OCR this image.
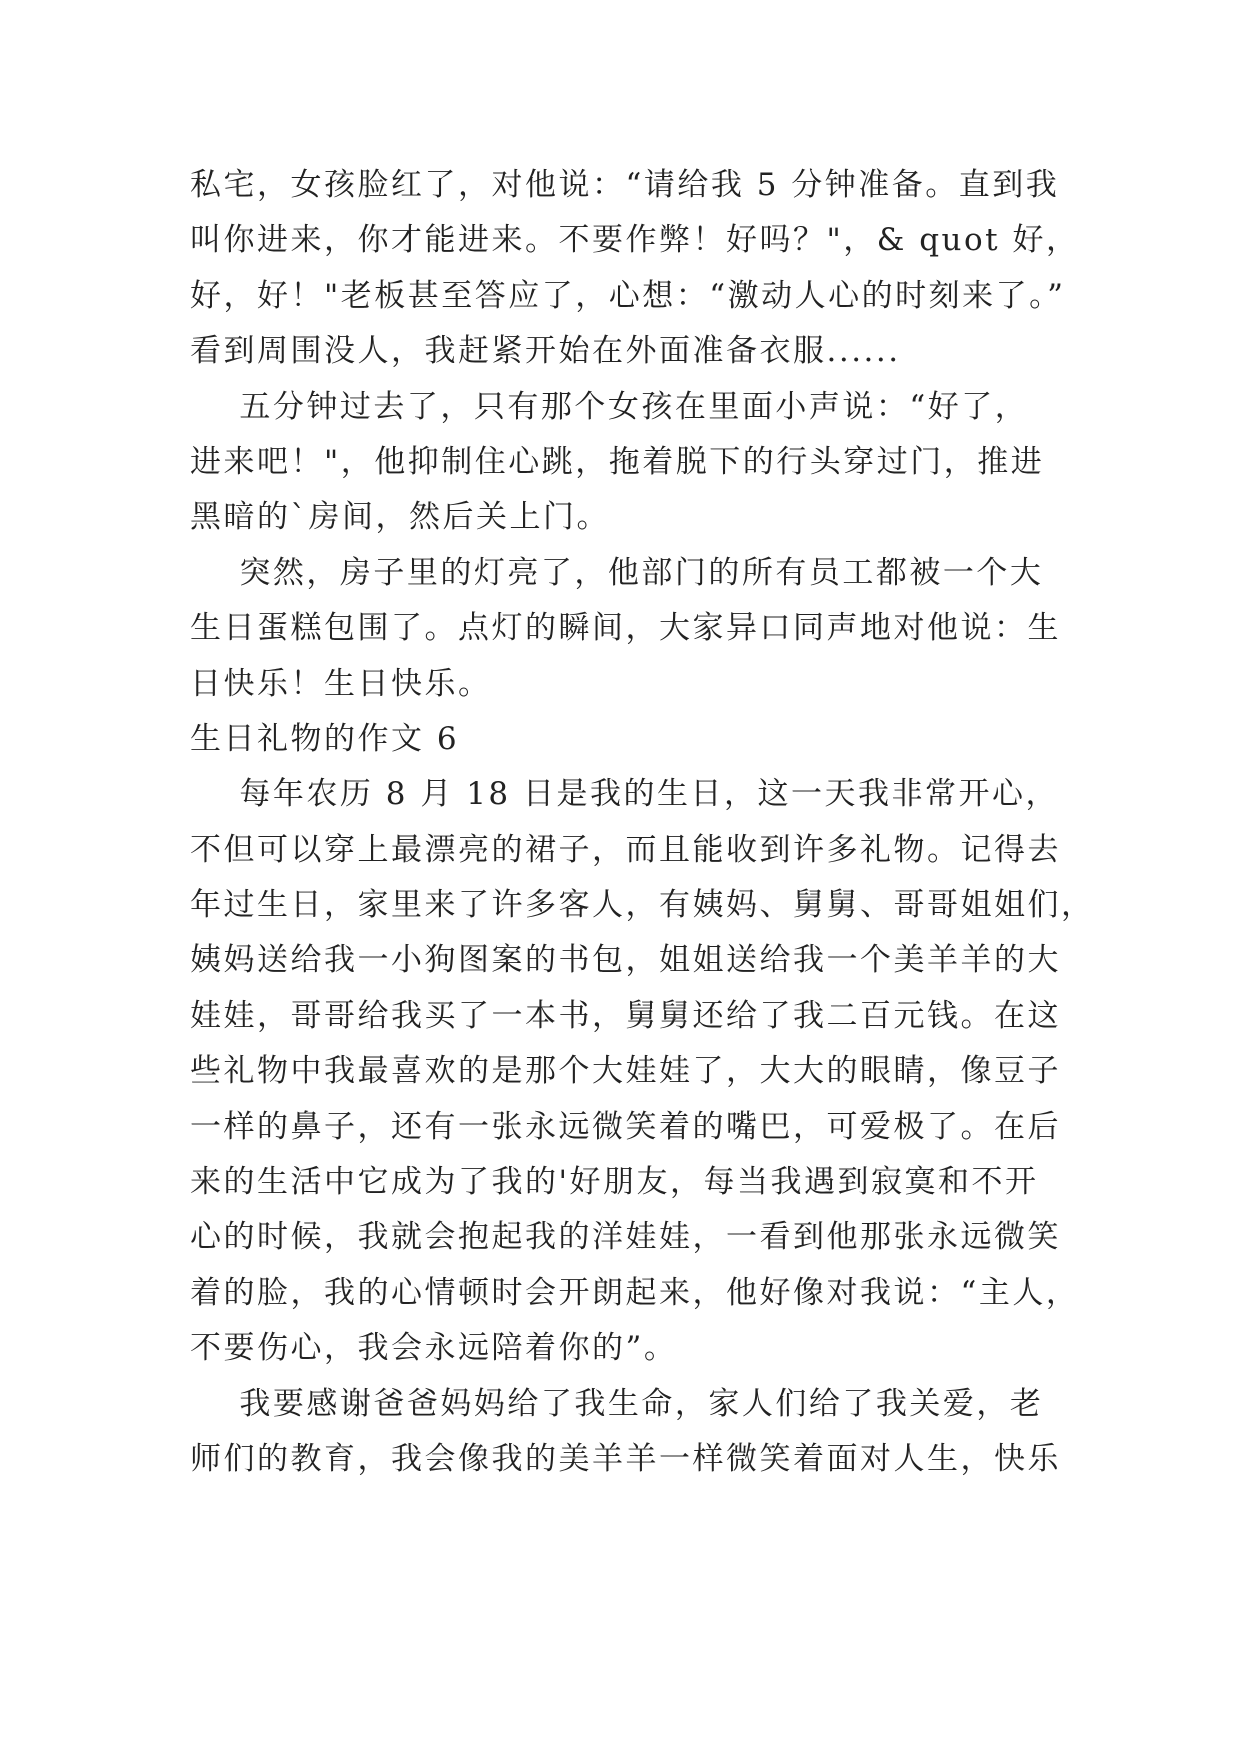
私宅，女孩脸红了，对他说：“请给我 5 分钟准备。直到我
叫你进来，你才能进来。不要作弊！好吗？"，& quot 好，
好，好！"老板甚至答应了，心想：“激动人心的时刻来了。”
看到周围没人，我赶紧开始在外面准备衣服......
五分钟过去了，只有那个女孩在里面小声说：“好了，
进来吧！"，他抑制住心跳，拖着脱下的行头穿过门，推进
黑暗的`房间，然后关上门。
突然，房子里的灯亮了，他部门的所有员工都被一个大
生日蛋糕包围了。点灯的瞬间，大家异口同声地对他说：生
日快乐！生日快乐。
生日礼物的作文 6
每年农历 8 月 18 日是我的生日，这一天我非常开心，
不但可以穿上最漂亮的裙子，而且能收到许多礼物。记得去
年过生日，家里来了许多客人，有姨妈、舅舅、哥哥姐姐们，
姨妈送给我一小狗图案的书包，姐姐送给我一个美羊羊的大
娃娃，哥哥给我买了一本书，舅舅还给了我二百元钱。在这
些礼物中我最喜欢的是那个大娃娃了，大大的眼睛，像豆子
一样的鼻子，还有一张永远微笑着的嘴巴，可爱极了。在后
来的生活中它成为了我的'好朋友，每当我遇到寂寞和不开
心的时候，我就会抱起我的洋娃娃，一看到他那张永远微笑
着的脸，我的心情顿时会开朗起来，他好像对我说：“主人，
不要伤心，我会永远陪着你的”。
我要感谢爸爸妈妈给了我生命，家人们给了我关爱，老
师们的教育，我会像我的美羊羊一样微笑着面对人生，快乐
